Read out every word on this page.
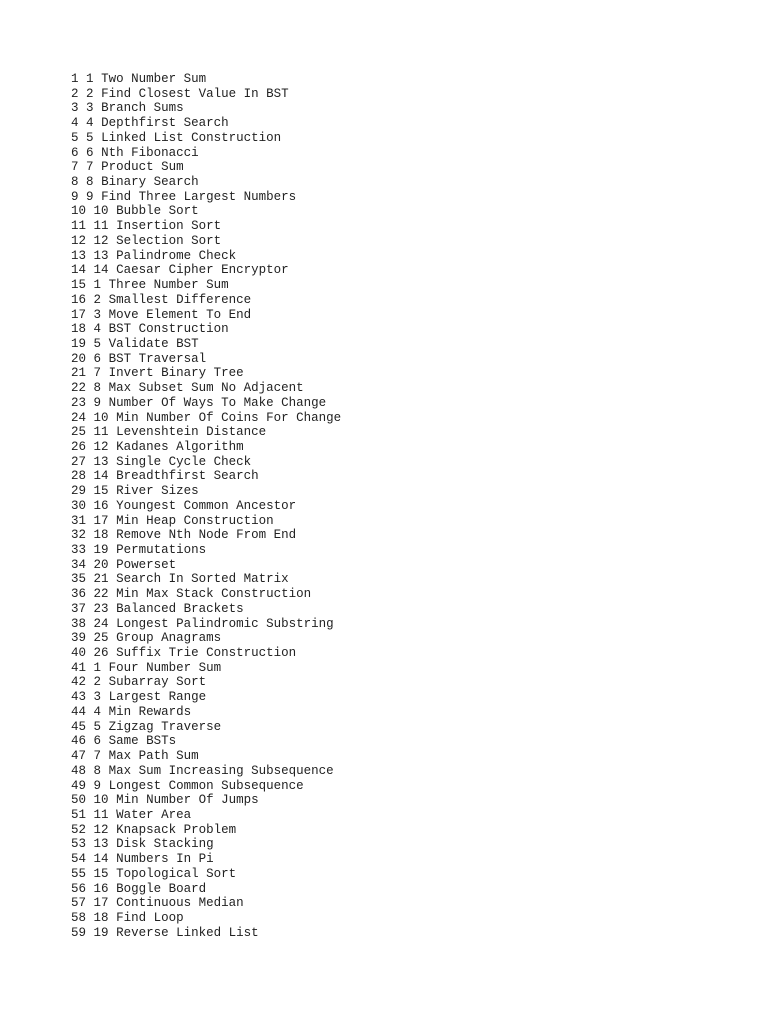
1 1 Two Number Sum
2 2 Find Closest Value In BST
3 3 Branch Sums
4 4 Depthfirst Search
5 5 Linked List Construction
6 6 Nth Fibonacci
7 7 Product Sum
8 8 Binary Search
9 9 Find Three Largest Numbers
10 10 Bubble Sort
11 11 Insertion Sort
12 12 Selection Sort
13 13 Palindrome Check
14 14 Caesar Cipher Encryptor
15 1 Three Number Sum
16 2 Smallest Difference
17 3 Move Element To End
18 4 BST Construction
19 5 Validate BST
20 6 BST Traversal
21 7 Invert Binary Tree
22 8 Max Subset Sum No Adjacent
23 9 Number Of Ways To Make Change
24 10 Min Number Of Coins For Change
25 11 Levenshtein Distance
26 12 Kadanes Algorithm
27 13 Single Cycle Check
28 14 Breadthfirst Search
29 15 River Sizes
30 16 Youngest Common Ancestor
31 17 Min Heap Construction
32 18 Remove Nth Node From End
33 19 Permutations
34 20 Powerset
35 21 Search In Sorted Matrix
36 22 Min Max Stack Construction
37 23 Balanced Brackets
38 24 Longest Palindromic Substring
39 25 Group Anagrams
40 26 Suffix Trie Construction
41 1 Four Number Sum
42 2 Subarray Sort
43 3 Largest Range
44 4 Min Rewards
45 5 Zigzag Traverse
46 6 Same BSTs
47 7 Max Path Sum
48 8 Max Sum Increasing Subsequence
49 9 Longest Common Subsequence
50 10 Min Number Of Jumps
51 11 Water Area
52 12 Knapsack Problem
53 13 Disk Stacking
54 14 Numbers In Pi
55 15 Topological Sort
56 16 Boggle Board
57 17 Continuous Median
58 18 Find Loop
59 19 Reverse Linked List
